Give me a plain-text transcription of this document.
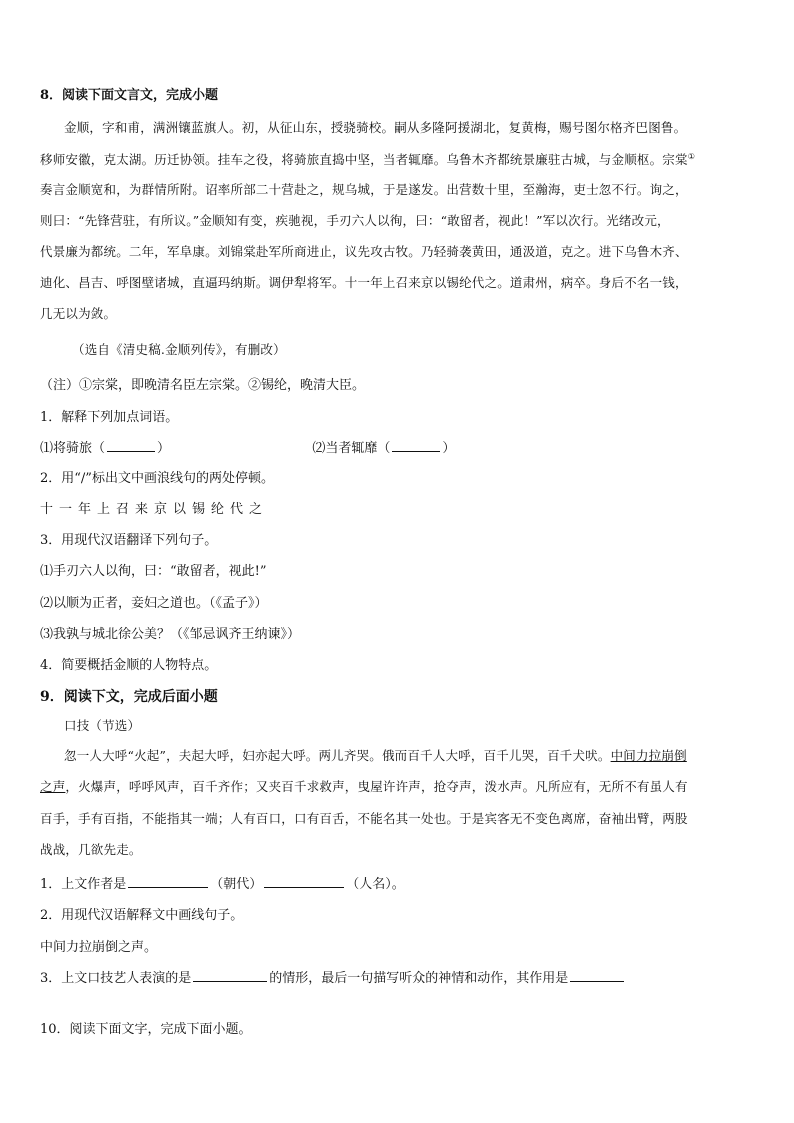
8．阅读下面文言文，完成小题
金顺，字和甫，满洲镶蓝旗人。初，从征山东，授骁骑校。嗣从多隆阿援湖北，复黄梅，赐号图尔格齐巴图鲁。
移师安徽，克太湖。历迁协领。挂车之役，将骑旅直捣中坚，当者辄靡。乌鲁木齐都统景廉驻古城，与金顺枢。宗棠①
奏言金顺宽和，为群情所附。诏率所部二十营赴之，规乌城，于是遂发。出营数十里，至瀚海，吏士忽不行。询之，
则曰：“先锋营驻，有所议。”金顺知有变，疾驰视，手刃六人以徇，曰：“敢留者，视此！”军以次行。光绪改元，
代景廉为都统。二年，军阜康。刘锦棠赴军所商进止，议先攻古牧。乃轻骑袭黄田，通汲道，克之。进下乌鲁木齐、
迪化、昌吉、呼图壁诸城，直逼玛纳斯。调伊犁将军。十一年上召来京以锡纶代之。道肃州，病卒。身后不名一钱，
几无以为敛。
（选自《清史稿.金顺列传》，有删改）
（注）①宗棠，即晚清名臣左宗棠。②锡纶，晚清大臣。
1．解释下列加点词语。
⑴将骑旅（	）	⑵当者辄靡（	）
2．用“/”标出文中画浪线句的两处停顿。
十一年上召来京以锡纶代之
3．用现代汉语翻译下列句子。
⑴手刃六人以徇，曰：“敢留者，视此!”
⑵以顺为正者，妾妇之道也。（《孟子》）
⑶我孰与城北徐公美？（《邹忌讽齐王纳谏》）
4．简要概括金顺的人物特点。
9．阅读下文，完成后面小题
口技（节选）
忽一人大呼“火起”，夫起大呼，妇亦起大呼。两儿齐哭。俄而百千人大呼，百千儿哭，百千犬吠。中间力拉崩倒
之声，火爆声，呼呼风声，百千齐作；又夹百千求救声，曳屋许许声，抢夺声，泼水声。凡所应有，无所不有虽人有
百手，手有百指，不能指其一端；人有百口，口有百舌，不能名其一处也。于是宾客无不变色离席，奋袖出臂，两股
战战，几欲先走。
1．上文作者是	（朝代）	（人名）。
2．用现代汉语解释文中画线句子。
中间力拉崩倒之声。
3．上文口技艺人表演的是	的情形，最后一句描写听众的神情和动作，其作用是
10．阅读下面文字，完成下面小题。
